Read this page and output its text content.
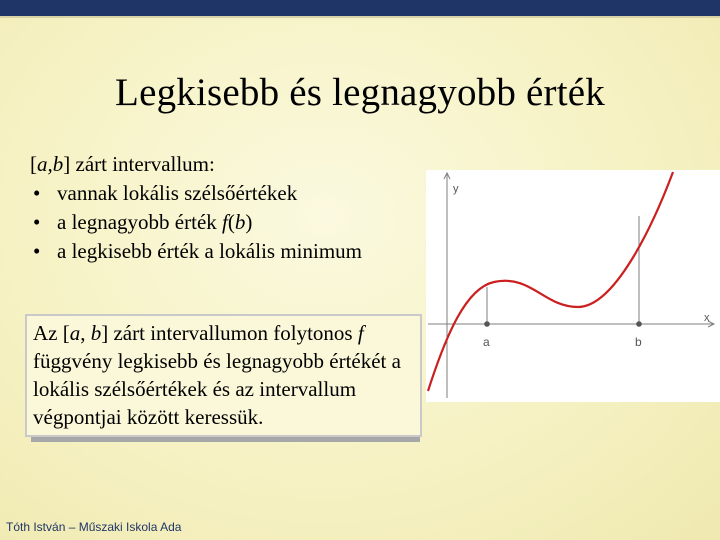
Legkisebb és legnagyobb érték
[a,b] zárt intervallum:
• vannak lokális szélsőértékek
• a legnagyobb érték f(b)
• a legkisebb érték a lokális minimum
Az [a, b] zárt intervallumon folytonos f függvény legkisebb és legnagyobb értékét a lokális szélsőértékek és az intervallum végpontjai között keressük.
y
x
a	b
Tóth István – Műszaki Iskola Ada
